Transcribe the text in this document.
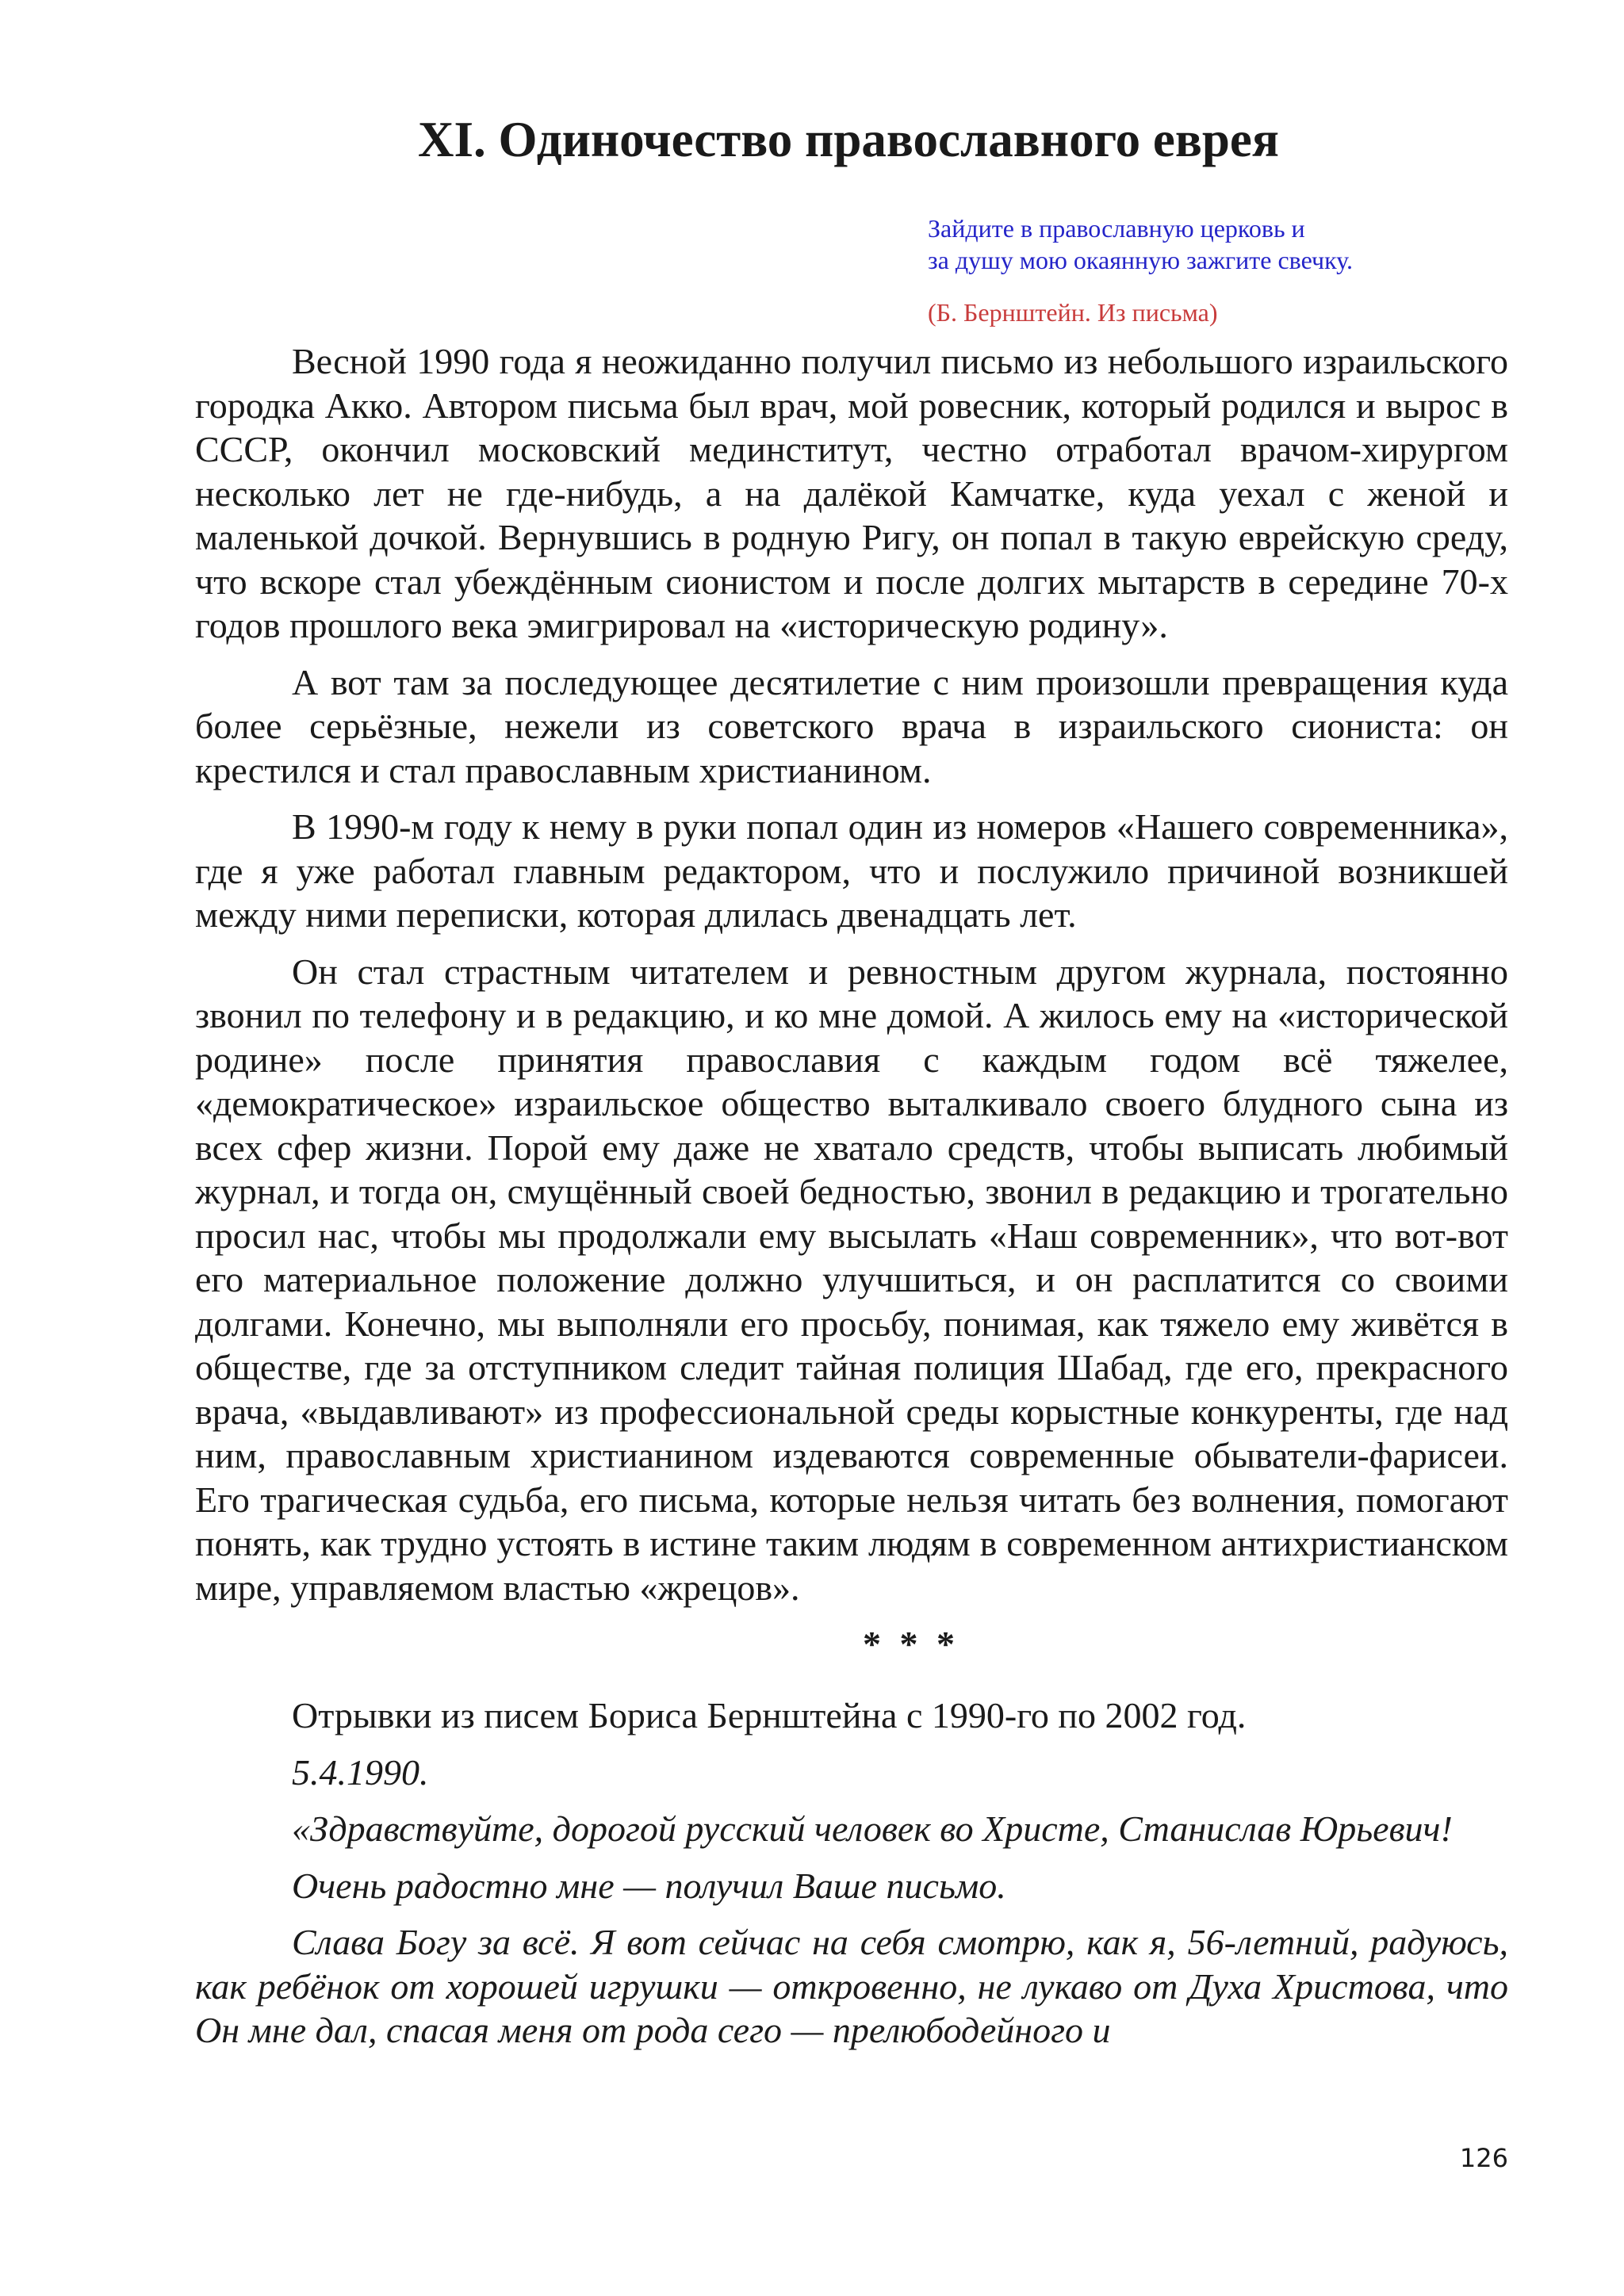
XI. Одиночество православного еврея
Зайдите в православную церковь и
за душу мою окаянную зажгите свечку.
(Б. Бернштейн. Из письма)

Весной 1990 года я неожиданно получил письмо из небольшого израильского городка Акко. Автором письма был врач, мой ровесник, который родился и вырос в СССР, окончил московский мединститут, честно отработал врачом-хирургом несколько лет не где-нибудь, а на далёкой Камчатке, куда уехал с женой и маленькой дочкой. Вернувшись в родную Ригу, он попал в такую еврейскую среду, что вскоре стал убеждённым сионистом и после долгих мытарств в середине 70-х годов прошлого века эмигрировал на «историческую родину».

А вот там за последующее десятилетие с ним произошли превращения куда более серьёзные, нежели из советского врача в израильского сиониста: он крестился и стал православным христианином.

В 1990-м году к нему в руки попал один из номеров «Нашего современника», где я уже работал главным редактором, что и послужило причиной возникшей между ними переписки, которая длилась двенадцать лет.

Он стал страстным читателем и ревностным другом журнала, постоянно звонил по телефону и в редакцию, и ко мне домой. А жилось ему на «исторической родине» после принятия православия с каждым годом всё тяжелее, «демократическое» израильское общество выталкивало своего блудного сына из всех сфер жизни. Порой ему даже не хватало средств, чтобы выписать любимый журнал, и тогда он, смущённый своей бедностью, звонил в редакцию и трогательно просил нас, чтобы мы продолжали ему высылать «Наш современник», что вот-вот его материальное положение должно улучшиться, и он расплатится со своими долгами. Конечно, мы выполняли его просьбу, понимая, как тяжело ему живётся в обществе, где за отступником следит тайная полиция Шабад, где его, прекрасного врача, «выдавливают» из профессиональной среды корыстные конкуренты, где над ним, православным христианином издеваются современные обыватели-фарисеи. Его трагическая судьба, его письма, которые нельзя читать без волнения, помогают понять, как трудно устоять в истине таким людям в современном антихристианском мире, управляемом властью «жрецов».

* * *

Отрывки из писем Бориса Бернштейна с 1990-го по 2002 год.

5.4.1990.

«Здравствуйте, дорогой русский человек во Христе, Станислав Юрьевич!

Очень радостно мне — получил Ваше письмо.

Слава Богу за всё. Я вот сейчас на себя смотрю, как я, 56-летний, радуюсь, как ребёнок от хорошей игрушки — откровенно, не лукаво от Духа Христова, что Он мне дал, спасая меня от рода сего — прелюбодейного и

126
